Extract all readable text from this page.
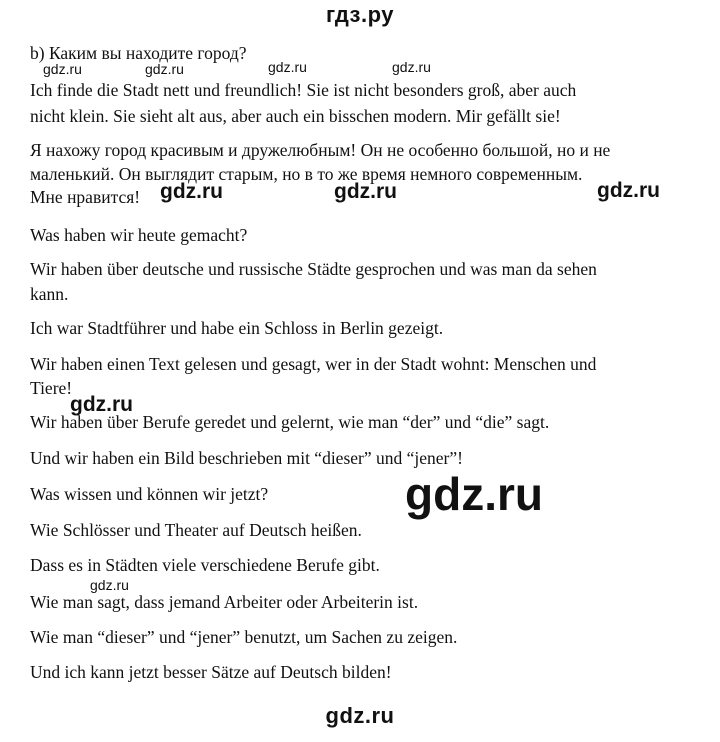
гдз.ру
b) Каким вы находите город?
Ich finde die Stadt nett und freundlich! Sie ist nicht besonders groß, aber auch
nicht klein. Sie sieht alt aus, aber auch ein bisschen modern. Mir gefällt sie!
Я нахожу город красивым и дружелюбным! Он не особенно большой, но и не
маленький. Он выглядит старым, но в то же время немного современным.
Мне нравится!
Was haben wir heute gemacht?
Wir haben über deutsche und russische Städte gesprochen und was man da sehen
kann.
Ich war Stadtführer und habe ein Schloss in Berlin gezeigt.
Wir haben einen Text gelesen und gesagt, wer in der Stadt wohnt: Menschen und
Tiere!
Wir haben über Berufe geredet und gelernt, wie man “der” und “die” sagt.
Und wir haben ein Bild beschrieben mit “dieser” und “jener”!
Was wissen und können wir jetzt?
Wie Schlösser und Theater auf Deutsch heißen.
Dass es in Städten viele verschiedene Berufe gibt.
Wie man sagt, dass jemand Arbeiter oder Arbeiterin ist.
Wie man “dieser” und “jener” benutzt, um Sachen zu zeigen.
Und ich kann jetzt besser Sätze auf Deutsch bilden!
gdz.ru	gdz.ru	gdz.ru	gdz.ru
gdz.ru	gdz.ru	gdz.ru
gdz.ru
gdz.ru
gdz.ru
gdz.ru
